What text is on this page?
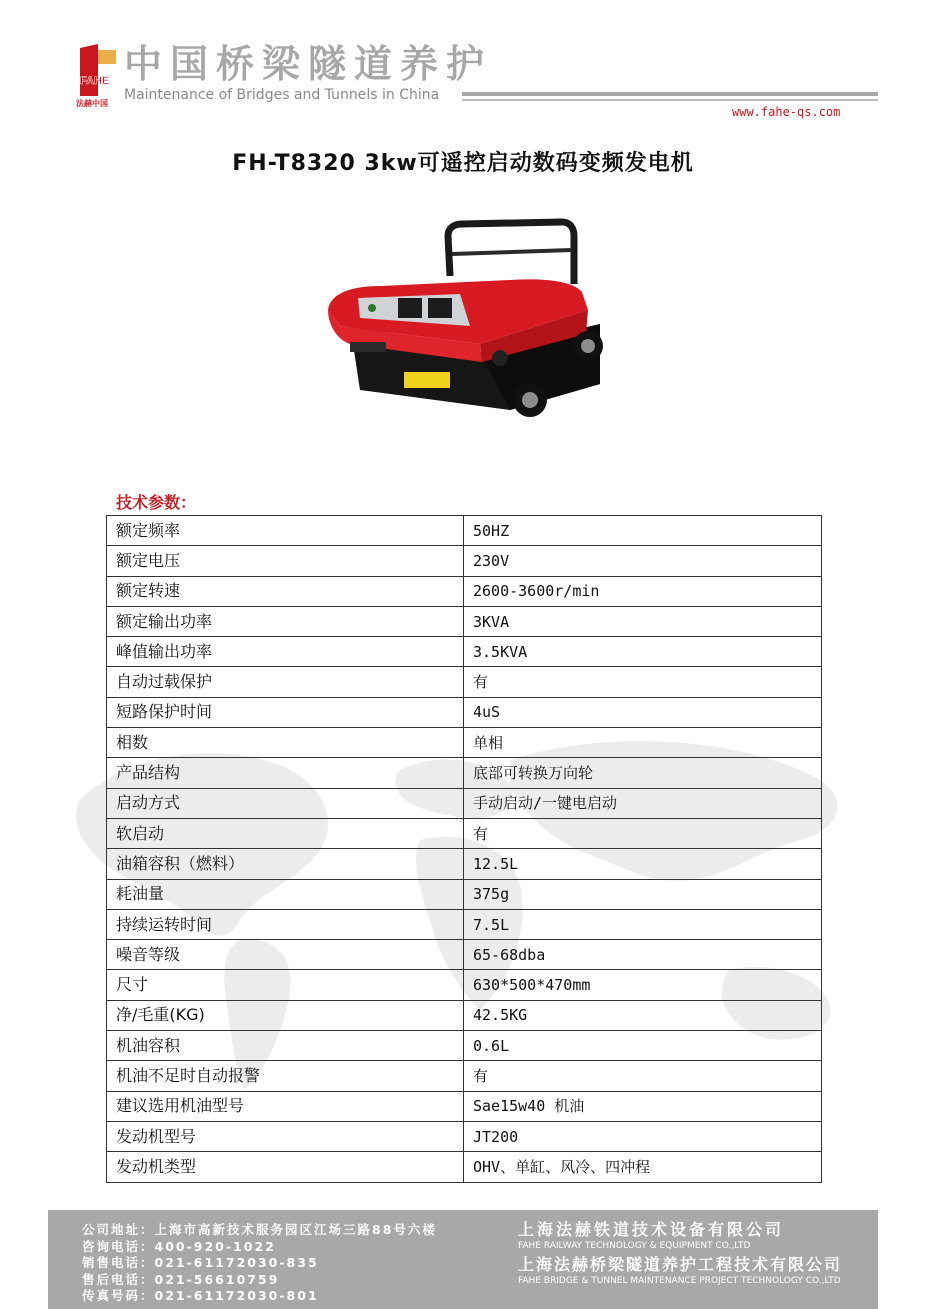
FAHE
法赫中国
中国桥梁隧道养护
Maintenance of Bridges and Tunnels in China
www.fahe-qs.com
FH-T8320 3kw可遥控启动数码变频发电机
技术参数：
额定频率	50HZ
额定电压	230V
额定转速	2600-3600r/min
额定输出功率	3KVA
峰值输出功率	3.5KVA
自动过载保护	有
短路保护时间	4uS
相数	单相
产品结构	底部可转换万向轮
启动方式	手动启动/一键电启动
软启动	有
油箱容积（燃料）	12.5L
耗油量	375g
持续运转时间	7.5L
噪音等级	65-68dba
尺寸	630*500*470mm
净/毛重(KG)	42.5KG
机油容积	0.6L
机油不足时自动报警	有
建议选用机油型号	Sae15w40 机油
发动机型号	JT200
发动机类型	OHV、单缸、风冷、四冲程
公司地址：上海市高新技术服务园区江场三路88号六楼
咨询电话：400-920-1022
销售电话：021-61172030-835
售后电话：021-56610759
传真号码：021-61172030-801
上海法赫铁道技术设备有限公司
FAHE RAILWAY TECHNOLOGY & EQUIPMENT CO.,LTD
上海法赫桥梁隧道养护工程技术有限公司
FAHE BRIDGE & TUNNEL MAINTENANCE PROJECT TECHNOLOGY CO.,LTD
